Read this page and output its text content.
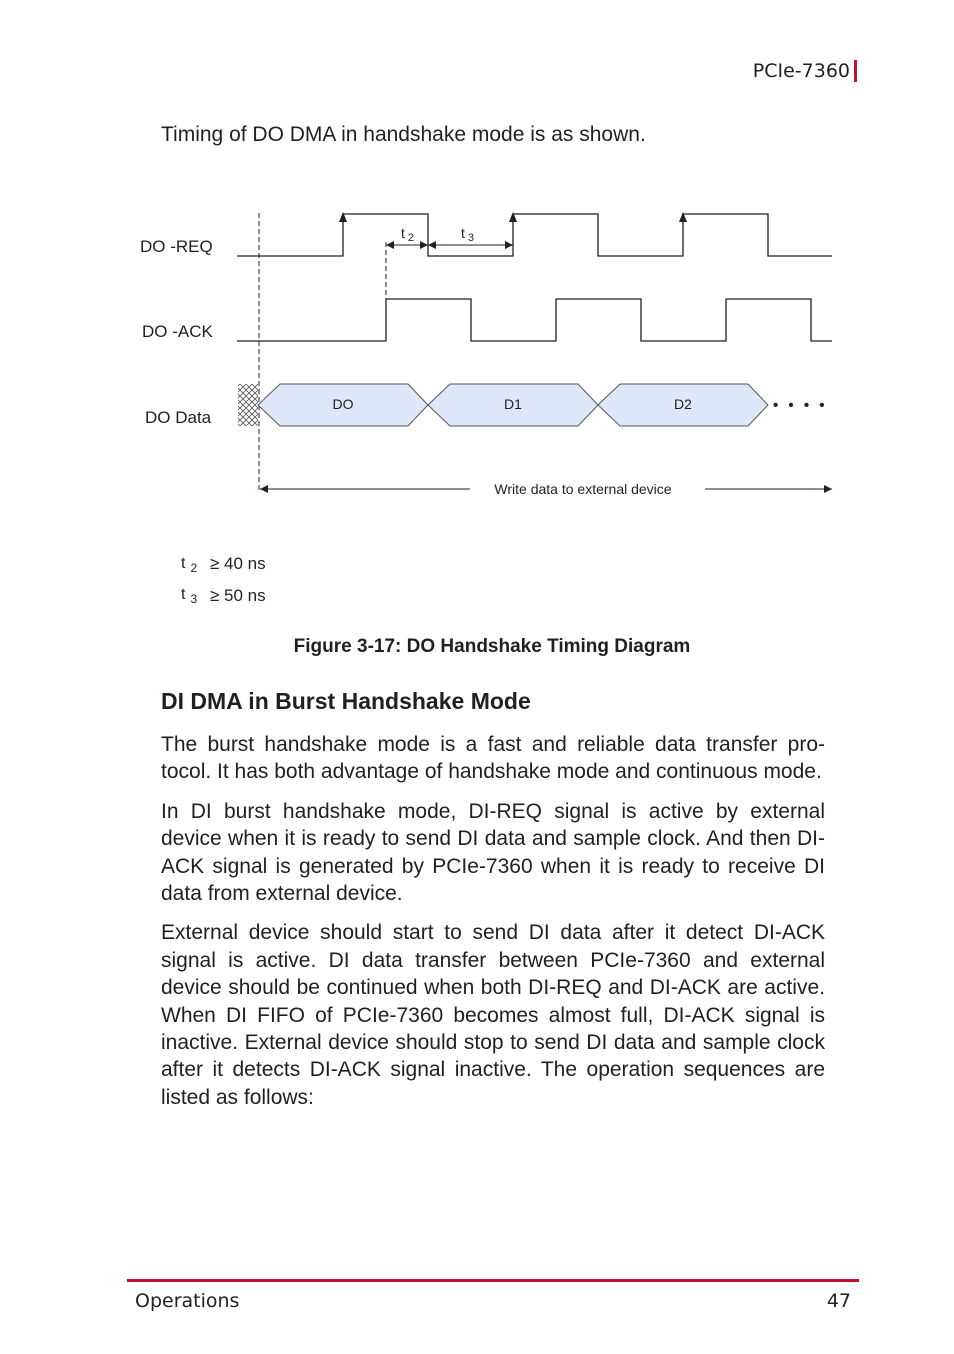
PCIe-7360

Timing of DO DMA in handshake mode is as shown.

DO -REQ
DO -ACK
DO Data
t $_2$	t $_3$
DO	D1	D2	• • • •
Write data to external device
t $_2$ ≥ 40 ns
t $_3$ ≥ 50 ns

Figure 3-17: DO Handshake Timing Diagram

DI DMA in Burst Handshake Mode

The burst handshake mode is a fast and reliable data transfer pro-tocol. It has both advantage of handshake mode and continuous mode.

In DI burst handshake mode, DI-REQ signal is active by external device when it is ready to send DI data and sample clock. And then DI-ACK signal is generated by PCIe-7360 when it is ready to receive DI data from external device.

External device should start to send DI data after it detect DI-ACK signal is active. DI data transfer between PCIe-7360 and external device should be continued when both DI-REQ and DI-ACK are active. When DI FIFO of PCIe-7360 becomes almost full, DI-ACK signal is inactive. External device should stop to send DI data and sample clock after it detects DI-ACK signal inactive. The operation sequences are listed as follows:

Operations	47
